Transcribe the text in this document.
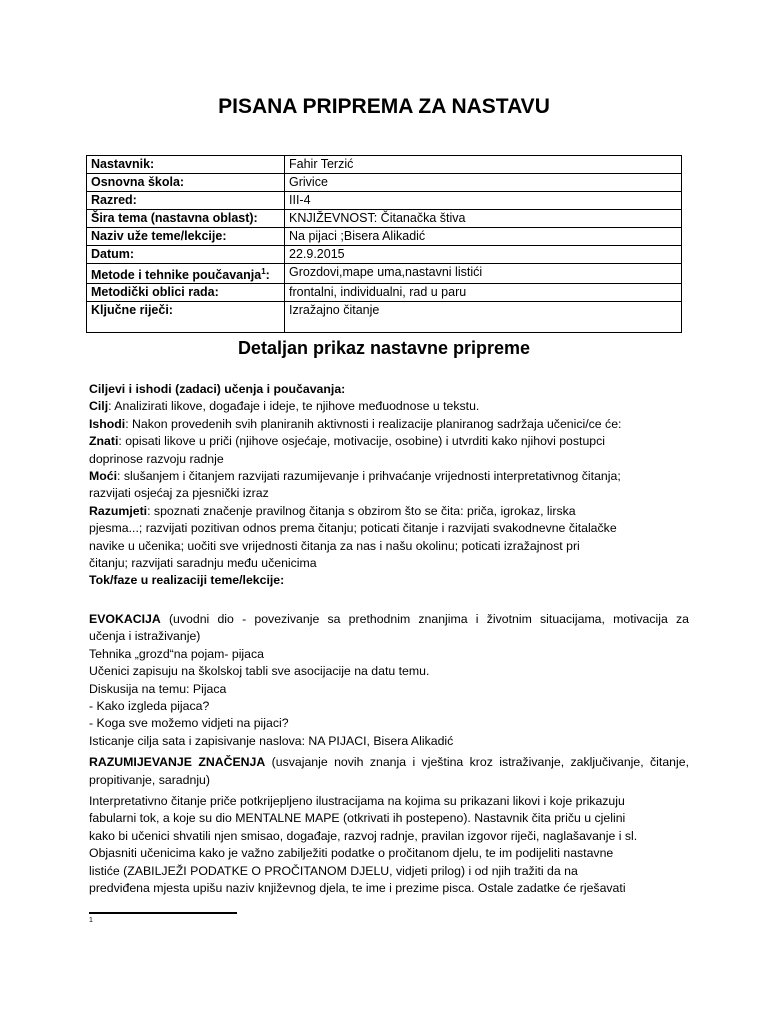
PISANA PRIPREMA ZA NASTAVU
Nastavnik:	Fahir Terzić
Osnovna škola:	Grivice
Razred:	III-4
Šira tema (nastavna oblast):	KNJIŽEVNOST: Čitanačka štiva
Naziv uže teme/lekcije:	Na pijaci ;Bisera Alikadić
Datum:	22.9.2015
Metode i tehnike poučavanja$^1$:	Grozdovi,mape uma,nastavni listići
Metodički oblici rada:	frontalni, individualni, rad u paru
Ključne riječi:	Izražajno čitanje
Detaljan prikaz nastavne pripreme

Ciljevi i ishodi (zadaci) učenja i poučavanja:

Cilj: Analizirati likove, događaje i ideje, te njihove međuodnose u tekstu.

Ishodi: Nakon provedenih svih planiranih aktivnosti i realizacije planiranog sadržaja učenici/ce će:

Znati: opisati likove u priči (njihove osjećaje, motivacije, osobine) i utvrditi kako njihovi postupci

doprinose razvoju radnje

Moći: slušanjem i čitanjem razvijati razumijevanje i prihvaćanje vrijednosti interpretativnog čitanja;

razvijati osjećaj za pjesnički izraz

Razumjeti: spoznati značenje pravilnog čitanja s obzirom što se čita: priča, igrokaz, lirska

pjesma...; razvijati pozitivan odnos prema čitanju; poticati čitanje i razvijati svakodnevne čitalačke

navike u učenika; uočiti sve vrijednosti čitanja za nas i našu okolinu; poticati izražajnost pri

čitanju; razvijati saradnju među učenicima

Tok/faze u realizaciji teme/lekcije:

EVOKACIJA (uvodni dio - povezivanje sa prethodnim znanjima i životnim situacijama, motivacija za

učenja i istraživanje)

Tehnika „grozd“na pojam- pijaca

Učenici zapisuju na školskoj tabli sve asocijacije na datu temu.

Diskusija na temu: Pijaca

- Kako izgleda pijaca?

- Koga sve možemo vidjeti na pijaci?

Isticanje cilja sata i zapisivanje naslova: NA PIJACI, Bisera Alikadić

RAZUMIJEVANJE ZNAČENJA (usvajanje novih znanja i vještina kroz istraživanje, zaključivanje, čitanje,

propitivanje, saradnju)

Interpretativno čitanje priče potkrijepljeno ilustracijama na kojima su prikazani likovi i koje prikazuju

fabularni tok, a koje su dio MENTALNE MAPE (otkrivati ih postepeno). Nastavnik čita priču u cjelini

kako bi učenici shvatili njen smisao, događaje, razvoj radnje, pravilan izgovor riječi, naglašavanje i sl.

Objasniti učenicima kako je važno zabilježiti podatke o pročitanom djelu, te im podijeliti nastavne

listiće (ZABILJEŽI PODATKE O PROČITANOM DJELU, vidjeti prilog) i od njih tražiti da na

predviđena mjesta upišu naziv književnog djela, te ime i prezime pisca. Ostale zadatke će rješavati

1
